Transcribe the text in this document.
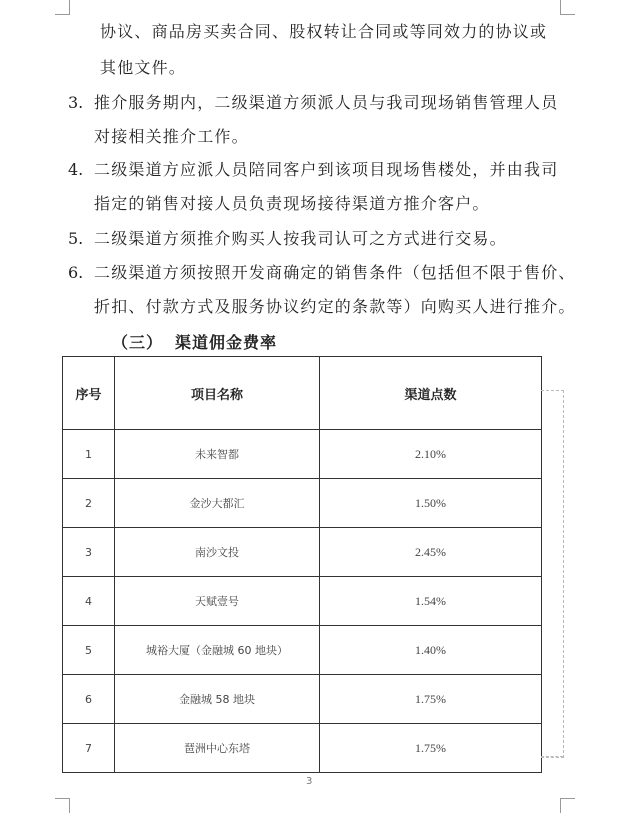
协议、商品房买卖合同、股权转让合同或等同效力的协议或
其他文件。
3. 推介服务期内，二级渠道方须派人员与我司现场销售管理人员
对接相关推介工作。
4. 二级渠道方应派人员陪同客户到该项目现场售楼处，并由我司
指定的销售对接人员负责现场接待渠道方推介客户。
5. 二级渠道方须推介购买人按我司认可之方式进行交易。
6. 二级渠道方须按照开发商确定的销售条件（包括但不限于售价、
折扣、付款方式及服务协议约定的条款等）向购买人进行推介。
（三） 渠道佣金费率
序号	项目名称	渠道点数
1	未来智都	2.10%
2	金沙大都汇	1.50%
3	南沙文投	2.45%
4	天赋壹号	1.54%
5	城裕大厦（金融城 60 地块）	1.40%
6	金融城 58 地块	1.75%
7	琶洲中心东塔	1.75%
3
